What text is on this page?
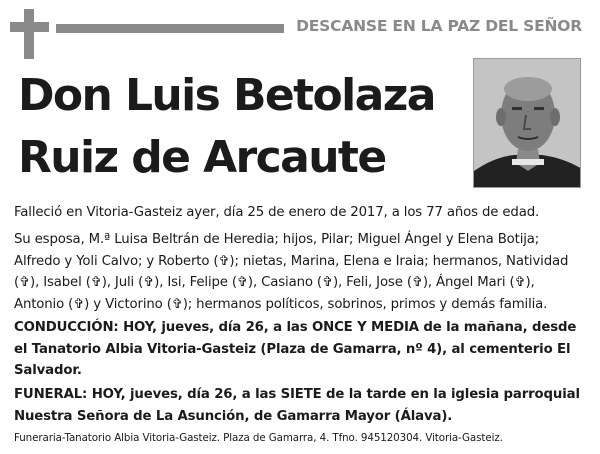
DESCANSE EN LA PAZ DEL SEÑOR
Don Luis Betolaza
Ruiz de Arcaute
Falleció en Vitoria-Gasteiz ayer, día 25 de enero de 2017, a los 77 años de edad.
Su esposa, M.ª Luisa Beltrán de Heredia; hijos, Pilar; Miguel Ángel y Elena Botija; Alfredo y Yoli Calvo; y Roberto (✞); nietas, Marina, Elena e Iraia; hermanos, Natividad (✞), Isabel (✞), Juli (✞), Isi, Felipe (✞), Casiano (✞), Feli, Jose (✞), Ángel Mari (✞), Antonio (✞) y Victorino (✞); hermanos políticos, sobrinos, primos y demás familia.
CONDUCCIÓN: HOY, jueves, día 26, a las ONCE Y MEDIA de la mañana, desde el Tanatorio Albia Vitoria-Gasteiz (Plaza de Gamarra, nº 4), al cementerio El Salvador.
FUNERAL: HOY, jueves, día 26, a las SIETE de la tarde en la iglesia parroquial Nuestra Señora de La Asunción, de Gamarra Mayor (Álava).
Funeraria-Tanatorio Albia Vitoria-Gasteiz. Plaza de Gamarra, 4. Tfno. 945120304. Vitoria-Gasteiz.
